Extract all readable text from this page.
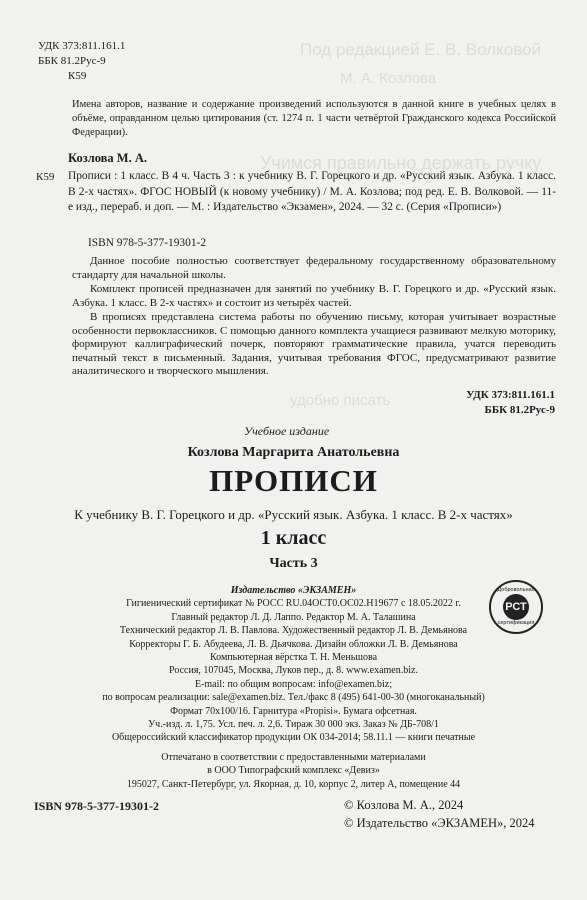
Под редакцией Е. В. Волковой
М. А. Козлова
Учимся правильно держать ручку
удобно писать
УДК 373:811.161.1
ББК 81.2Рус-9
К59
Имена авторов, название и содержание произведений используются в данной книге в учебных целях в объёме, оправданном целью цитирования (ст. 1274 п. 1 части четвёртой Гражданского кодекса Российской Федерации).
Козлова М. А.
К59 Прописи : 1 класс. В 4 ч. Часть 3 : к учебнику В. Г. Горецкого и др. «Русский язык. Азбука. 1 класс. В 2-х частях». ФГОС НОВЫЙ (к новому учебнику) / М. А. Козлова; под ред. Е. В. Волковой. — 11-е изд., перераб. и доп. — М. : Издательство «Экзамен», 2024. — 32 с. (Серия «Прописи»)
ISBN 978-5-377-19301-2
Данное пособие полностью соответствует федеральному государственному образовательному стандарту для начальной школы.
Комплект прописей предназначен для занятий по учебнику В. Г. Горецкого и др. «Русский язык. Азбука. 1 класс. В 2-х частях» и состоит из четырёх частей.
В прописях представлена система работы по обучению письму, которая учитывает возрастные особенности первоклассников. С помощью данного комплекта учащиеся развивают мелкую моторику, формируют каллиграфический почерк, повторяют грамматические правила, учатся переводить печатный текст в письменный. Задания, учитывая требования ФГОС, предусматривают развитие аналитического и творческого мышления.
УДК 373:811.161.1
ББК 81.2Рус-9
Учебное издание
Козлова Маргарита Анатольевна
ПРОПИСИ
К учебнику В. Г. Горецкого и др. «Русский язык. Азбука. 1 класс. В 2-х частях»
1 класс
Часть 3
Добровольная
РСТ
сертификация
Издательство «ЭКЗАМЕН»
Гигиенический сертификат № РОСС RU.04ОСТ0.ОС02.Н19677 с 18.05.2022 г.
Главный редактор Л. Д. Лаппо. Редактор М. А. Талашина
Технический редактор Л. В. Павлова. Художественный редактор Л. В. Демьянова
Корректоры Г. Б. Абудеева, Л. В. Дьячкова. Дизайн обложки Л. В. Демьянова
Компьютерная вёрстка Т. Н. Меньшова
Россия, 107045, Москва, Луков пер., д. 8. www.examen.biz.
E-mail: по общим вопросам: info@examen.biz;
по вопросам реализации: sale@examen.biz. Тел./факс 8 (495) 641-00-30 (многоканальный)
Формат 70х100/16. Гарнитура «Propisi». Бумага офсетная.
Уч.-изд. л. 1,75. Усл. печ. л. 2,6. Тираж 30 000 экз. Заказ № ДБ-708/1
Общероссийский классификатор продукции ОК 034-2014; 58.11.1 — книги печатные
Отпечатано в соответствии с предоставленными материалами
в ООО Типографский комплекс «Девиз»
195027, Санкт-Петербург, ул. Якорная, д. 10, корпус 2, литер А, помещение 44
ISBN 978-5-377-19301-2	© Козлова М. А., 2024
© Издательство «ЭКЗАМЕН», 2024
